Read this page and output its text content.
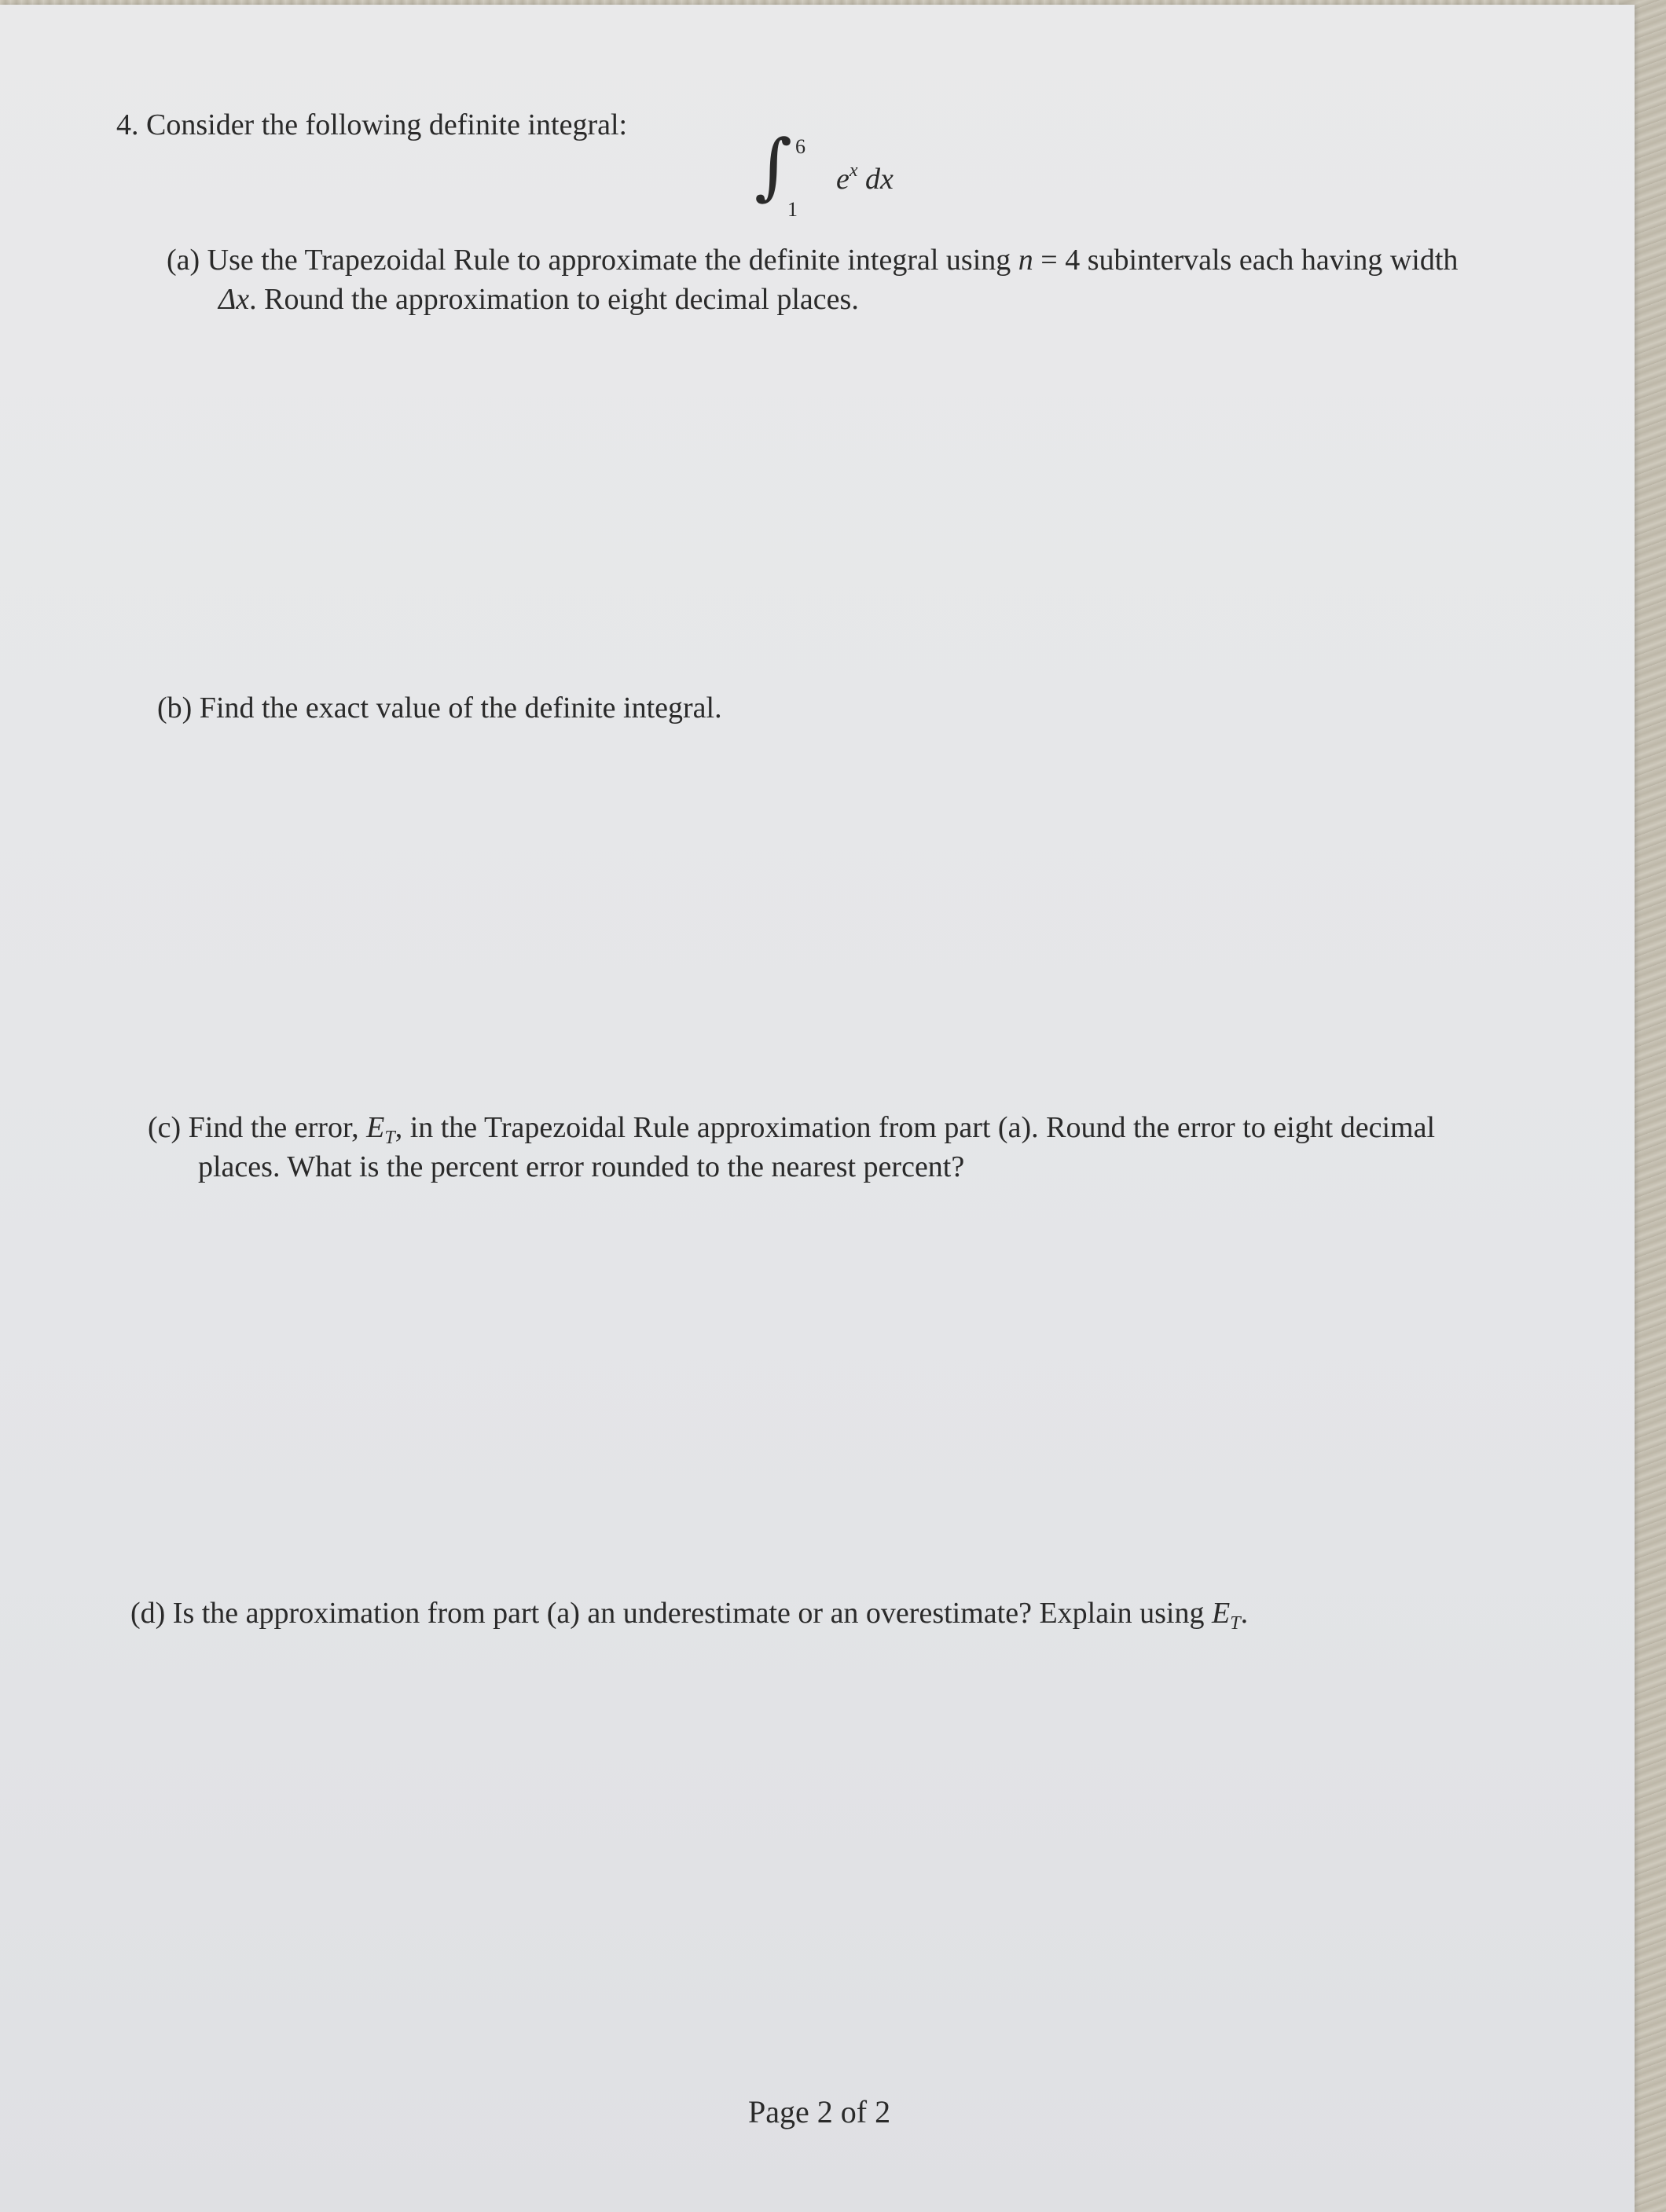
4. Consider the following definite integral: ∫ 6
1
$e^x$ dx
(a) Use the Trapezoidal Rule to approximate the definite integral using n = 4 subintervals each having width
Δx. Round the approximation to eight decimal places.
(b) Find the exact value of the definite integral.
(c) Find the error, $E_T$, in the Trapezoidal Rule approximation from part (a). Round the error to eight decimal
places. What is the percent error rounded to the nearest percent?
(d) Is the approximation from part (a) an underestimate or an overestimate? Explain using $E_T$.
Page 2 of 2
